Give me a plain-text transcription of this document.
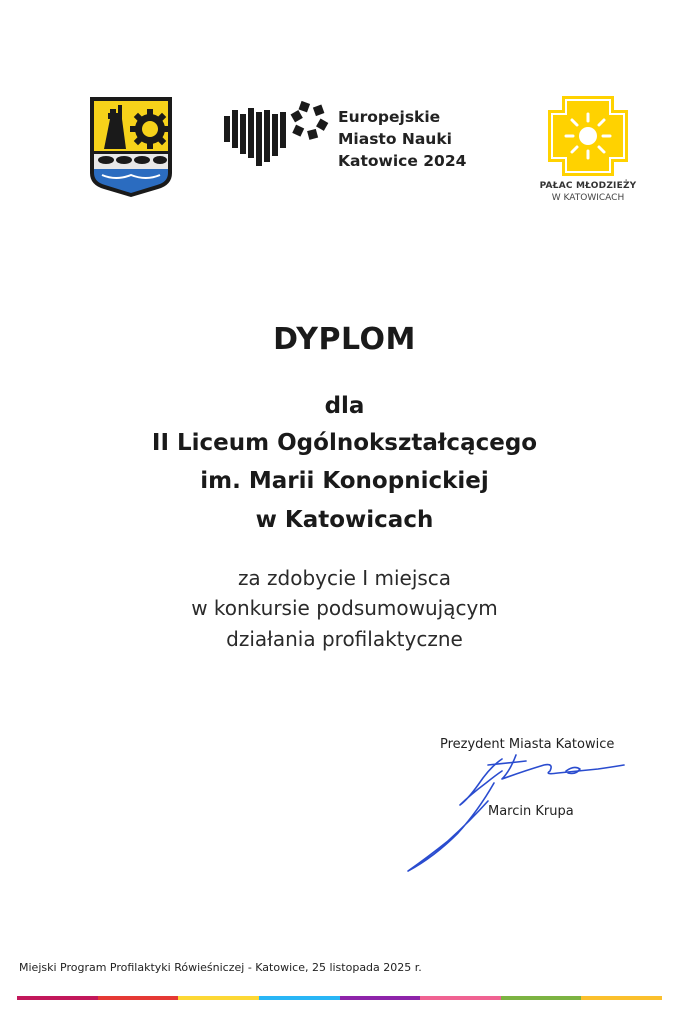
Europejskie
Miasto Nauki
Katowice 2024
PAŁAC MŁODZIEŻY
W KATOWICACH
DYPLOM
dla
II Liceum Ogólnokształcącego
im. Marii Konopnickiej
w Katowicach
za zdobycie I miejsca
w konkursie podsumowującym
działania profilaktyczne
Prezydent Miasta Katowice
Marcin Krupa
Miejski Program Profilaktyki Rówieśniczej - Katowice, 25 listopada 2025 r.
